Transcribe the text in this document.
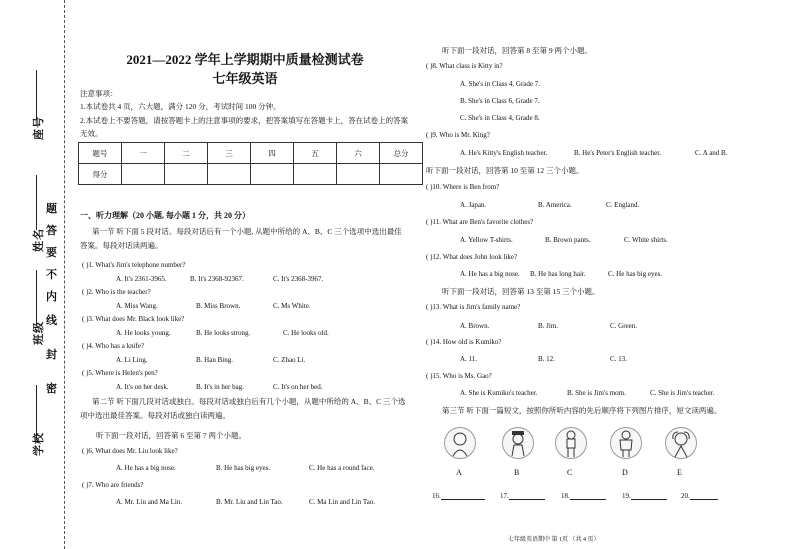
座号
姓名
班级
学校
题
答
要
不
内
线
封
密
2021—2022 学年上学期期中质量检测试卷
七年级英语
注意事项：
1.本试卷共 4 页，六大题，满分 120 分，考试时间 100 分钟。
2.本试卷上不要答题，请按答题卡上的注意事项的要求，把答案填写在答题卡上，答在试卷上的答案
无效。
题号	一	二	三	四	五	六	总分
得分							
一、听力理解（20 小题, 每小题 1 分，共 20 分）
第一节 听下面 5 段对话。每段对话后有一个小题, 从题中所给的 A、B、C 三个选项中选出最佳
答案。每段对话读两遍。
( )1. What's Jim's telephone number?
A. It's 2361-3965.	B. It's 2368-92367.	C. It's 2368-3967.
( )2. Who is the teacher?
A. Miss Wang.	B. Miss Brown.	C. Ms White.
( )3. What does Mr. Black look like?
A. He looks young.	B. He looks strong.	C. He looks old.
( )4. Who has a knife?
A. Li Ling.	B. Han Bing.	C. Zhao Li.
( )5. Where is Helen's pen?
A. It's on her desk.	B. It's in her bag.	C. It's on her bed.
第二节 听下面几段对话或独白。每段对话或独白后有几个小题，从题中所给的 A、B、C 三个选
项中选出最佳答案。每段对话或独白读两遍。
听下面一段对话，回答第 6 至第 7 两个小题。
( )6. What does Mr. Liu look like?
A. He has a big nose.	B. He has big eyes.	C. He has a round face.
( )7. Who are friends?
A. Mr. Liu and Ma Lin.	B. Mr. Liu and Lin Tao.	C. Ma Lin and Lin Tao.
听下面一段对话，回答第 8 至第 9 两个小题。
( )8. What class is Kitty in?
A. She's in Class 4, Grade 7.
B. She's in Class 6, Grade 7.
C. She's in Class 4, Grade 8.
( )9. Who is Mr. King?
A. He's Kitty's English teacher.	B. He's Peter's English teacher.	C. A and B.
听下面一段对话，回答第 10 至第 12 三个小题。
( )10. Where is Ben from?
A. Japan.	B. America.	C. England.
( )11. What are Ben's favorite clothes?
A. Yellow T-shirts.	B. Brown pants.	C. White shirts.
( )12. What does John look like?
A. He has a big nose. B. He has long hair.	C. He has big eyes.
听下面一段对话，回答第 13 至第 15 三个小题。
( )13. What is Jim's family name?
A. Brown.	B. Jim.	C. Green.
( )14. How old is Kumiko?
A. 11.	B. 12.	C. 13.
( )15. Who is Ms. Gao?
A. She is Kumiko's teacher.	B. She is Jim's mom.	C. She is Jim's teacher.
第三节 听下面一篇短文，按照你所听内容的先后顺序将下列图片排序，短文读两遍。
A	B	C	D	E
16.	17.	18.	19.	20.
七年级英语期中 第 1页 （共 4 页）
